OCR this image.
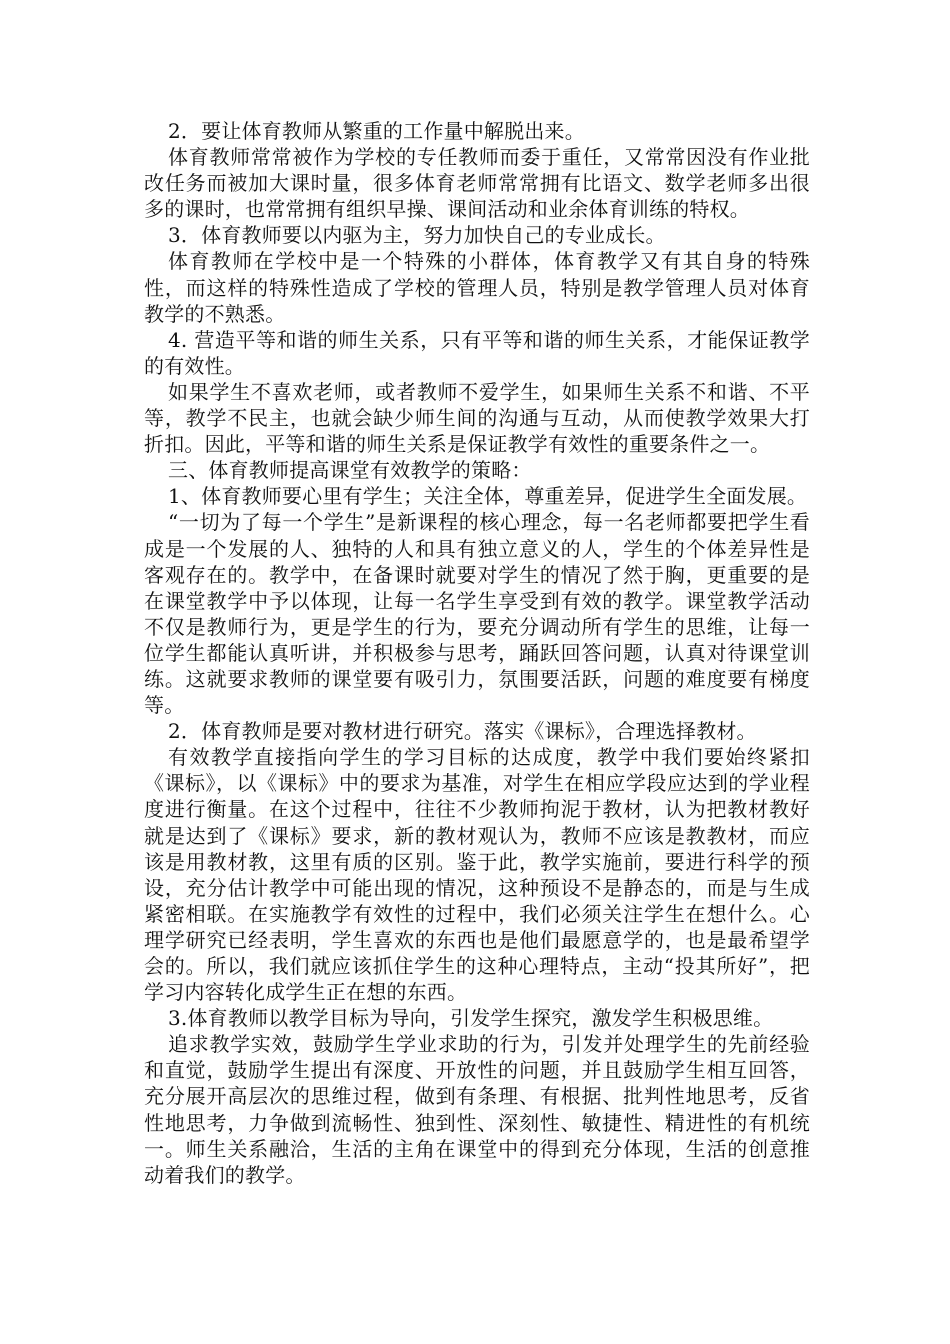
2．要让体育教师从繁重的工作量中解脱出来。

体育教师常常被作为学校的专任教师而委于重任，又常常因没有作业批改任务而被加大课时量，很多体育老师常常拥有比语文、数学老师多出很多的课时，也常常拥有组织早操、课间活动和业余体育训练的特权。

3．体育教师要以内驱为主，努力加快自己的专业成长。

体育教师在学校中是一个特殊的小群体，体育教学又有其自身的特殊性，而这样的特殊性造成了学校的管理人员，特别是教学管理人员对体育教学的不熟悉。

4. 营造平等和谐的师生关系，只有平等和谐的师生关系，才能保证教学的有效性。

如果学生不喜欢老师，或者教师不爱学生，如果师生关系不和谐、不平等，教学不民主，也就会缺少师生间的沟通与互动，从而使教学效果大打折扣。因此，平等和谐的师生关系是保证教学有效性的重要条件之一。

三、体育教师提高课堂有效教学的策略：

1、体育教师要心里有学生；关注全体，尊重差异，促进学生全面发展。

“一切为了每一个学生”是新课程的核心理念，每一名老师都要把学生看成是一个发展的人、独特的人和具有独立意义的人，学生的个体差异性是客观存在的。教学中，在备课时就要对学生的情况了然于胸，更重要的是在课堂教学中予以体现，让每一名学生享受到有效的教学。课堂教学活动不仅是教师行为，更是学生的行为，要充分调动所有学生的思维，让每一位学生都能认真听讲，并积极参与思考，踊跃回答问题，认真对待课堂训练。这就要求教师的课堂要有吸引力，氛围要活跃，问题的难度要有梯度等。

2．体育教师是要对教材进行研究。落实《课标》，合理选择教材。

有效教学直接指向学生的学习目标的达成度，教学中我们要始终紧扣《课标》，以《课标》中的要求为基准，对学生在相应学段应达到的学业程度进行衡量。在这个过程中，往往不少教师拘泥于教材，认为把教材教好就是达到了《课标》要求，新的教材观认为，教师不应该是教教材，而应该是用教材教，这里有质的区别。鉴于此，教学实施前，要进行科学的预设，充分估计教学中可能出现的情况，这种预设不是静态的，而是与生成紧密相联。在实施教学有效性的过程中，我们必须关注学生在想什么。心理学研究已经表明，学生喜欢的东西也是他们最愿意学的，也是最希望学会的。所以，我们就应该抓住学生的这种心理特点，主动“投其所好”，把学习内容转化成学生正在想的东西。

3.体育教师以教学目标为导向，引发学生探究，激发学生积极思维。

追求教学实效，鼓励学生学业求助的行为，引发并处理学生的先前经验和直觉，鼓励学生提出有深度、开放性的问题，并且鼓励学生相互回答，充分展开高层次的思维过程，做到有条理、有根据、批判性地思考，反省性地思考，力争做到流畅性、独到性、深刻性、敏捷性、精进性的有机统一。师生关系融洽，生活的主角在课堂中的得到充分体现，生活的创意推动着我们的教学。
